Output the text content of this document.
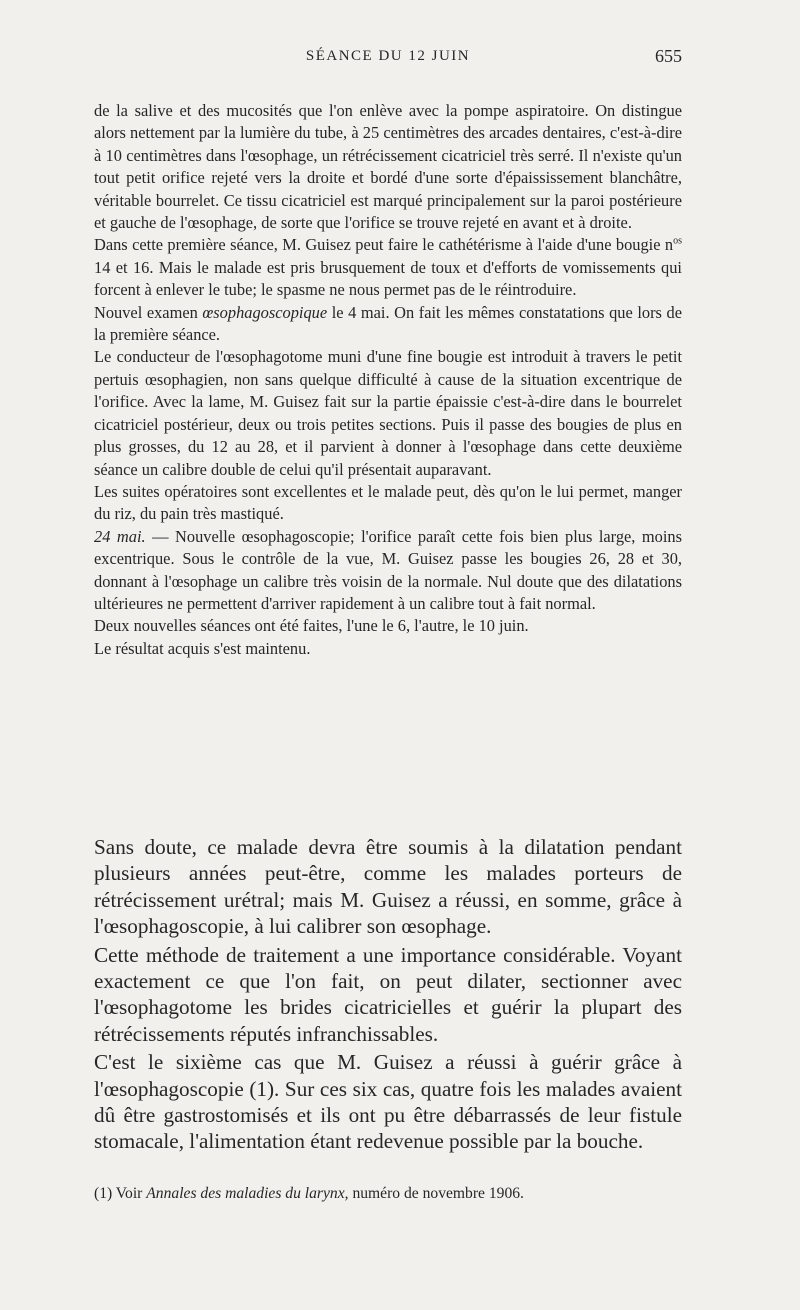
SÉANCE DU 12 JUIN	655

de la salive et des mucosités que l'on enlève avec la pompe aspiratoire. On distingue alors nettement par la lumière du tube, à 25 centimètres des arcades dentaires, c'est-à-dire à 10 centimètres dans l'œsophage, un rétrécissement cicatriciel très serré. Il n'existe qu'un tout petit orifice rejeté vers la droite et bordé d'une sorte d'épaississement blanchâtre, véritable bourrelet. Ce tissu cicatriciel est marqué principalement sur la paroi postérieure et gauche de l'œsophage, de sorte que l'orifice se trouve rejeté en avant et à droite.

Dans cette première séance, M. Guisez peut faire le cathétérisme à l'aide d'une bougie $n^{os}$ 14 et 16. Mais le malade est pris brusquement de toux et d'efforts de vomissements qui forcent à enlever le tube; le spasme ne nous permet pas de le réintroduire.

Nouvel examen œsophagoscopique le 4 mai. On fait les mêmes constatations que lors de la première séance.

Le conducteur de l'œsophagotome muni d'une fine bougie est introduit à travers le petit pertuis œsophagien, non sans quelque difficulté à cause de la situation excentrique de l'orifice. Avec la lame, M. Guisez fait sur la partie épaissie c'est-à-dire dans le bourrelet cicatriciel postérieur, deux ou trois petites sections. Puis il passe des bougies de plus en plus grosses, du 12 au 28, et il parvient à donner à l'œsophage dans cette deuxième séance un calibre double de celui qu'il présentait auparavant.

Les suites opératoires sont excellentes et le malade peut, dès qu'on le lui permet, manger du riz, du pain très mastiqué.

24 mai. — Nouvelle œsophagoscopie; l'orifice paraît cette fois bien plus large, moins excentrique. Sous le contrôle de la vue, M. Guisez passe les bougies 26, 28 et 30, donnant à l'œsophage un calibre très voisin de la normale. Nul doute que des dilatations ultérieures ne permettent d'arriver rapidement à un calibre tout à fait normal.

Deux nouvelles séances ont été faites, l'une le 6, l'autre, le 10 juin.

Le résultat acquis s'est maintenu.

Sans doute, ce malade devra être soumis à la dilatation pendant plusieurs années peut-être, comme les malades porteurs de rétrécissement urétral; mais M. Guisez a réussi, en somme, grâce à l'œsophagoscopie, à lui calibrer son œsophage.

Cette méthode de traitement a une importance considérable. Voyant exactement ce que l'on fait, on peut dilater, sectionner avec l'œsophagotome les brides cicatricielles et guérir la plupart des rétrécissements réputés infranchissables.

C'est le sixième cas que M. Guisez a réussi à guérir grâce à l'œsophagoscopie (1). Sur ces six cas, quatre fois les malades avaient dû être gastrostomisés et ils ont pu être débarrassés de leur fistule stomacale, l'alimentation étant redevenue possible par la bouche.

(1) Voir Annales des maladies du larynx, numéro de novembre 1906.
